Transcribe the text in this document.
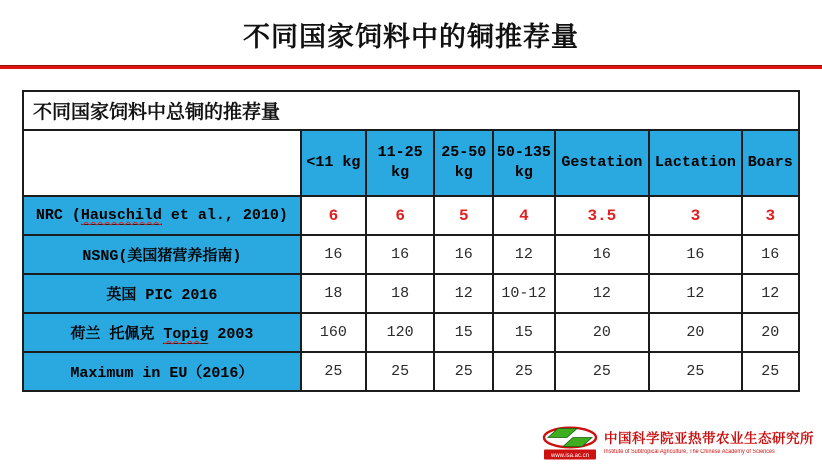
不同国家饲料中的铜推荐量
不同国家饲料中总铜的推荐量							
	<11 kg	11-25 kg	25-50 kg	50-135 kg	Gestation	Lactation	Boars
NRC (Hauschild et al., 2010)	6	6	5	4	3.5	3	3
NSNG(美国猪营养指南)	16	16	16	12	16	16	16
英国 PIC 2016	18	18	12	10-12	12	12	12
荷兰 托佩克 Topig 2003	160	120	15	15	20	20	20
Maximum in EU（2016）	25	25	25	25	25	25	25
www.isa.ac.cn
中国科学院亚热带农业生态研究所
Institute of Subtropical Agriculture, The Chinese Academy of Sciences
